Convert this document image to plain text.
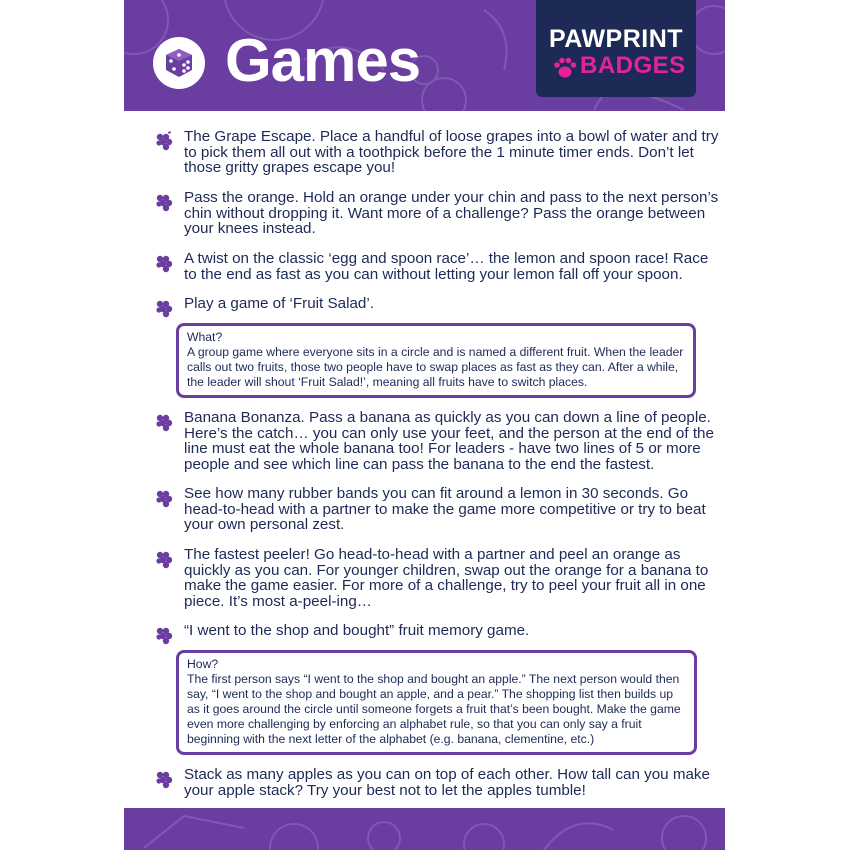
Games	PAWPRINT
BADGES

The Grape Escape. Place a handful of loose grapes into a bowl of water and try to pick them all out with a toothpick before the 1 minute timer ends. Don’t let those gritty grapes escape you!

Pass the orange. Hold an orange under your chin and pass to the next person’s chin without dropping it. Want more of a challenge? Pass the orange between your knees instead.

A twist on the classic ‘egg and spoon race’… the lemon and spoon race! Race to the end as fast as you can without letting your lemon fall off your spoon.

Play a game of ‘Fruit Salad’.

What?
A group game where everyone sits in a circle and is named a different fruit. When the leader calls out two fruits, those two people have to swap places as fast as they can. After a while, the leader will shout ‘Fruit Salad!’, meaning all fruits have to switch places.

Banana Bonanza. Pass a banana as quickly as you can down a line of people. Here’s the catch… you can only use your feet, and the person at the end of the line must eat the whole banana too! For leaders - have two lines of 5 or more people and see which line can pass the banana to the end the fastest.

See how many rubber bands you can fit around a lemon in 30 seconds. Go head-to-head with a partner to make the game more competitive or try to beat your own personal zest.

The fastest peeler! Go head-to-head with a partner and peel an orange as quickly as you can. For younger children, swap out the orange for a banana to make the game easier. For more of a challenge, try to peel your fruit all in one piece. It’s most a-peel-ing…

“I went to the shop and bought” fruit memory game.

How?
The first person says “I went to the shop and bought an apple.” The next person would then say, “I went to the shop and bought an apple, and a pear.” The shopping list then builds up as it goes around the circle until someone forgets a fruit that’s been bought. Make the game even more challenging by enforcing an alphabet rule, so that you can only say a fruit beginning with the next letter of the alphabet (e.g. banana, clementine, etc.)

Stack as many apples as you can on top of each other. How tall can you make your apple stack? Try your best not to let the apples tumble!
